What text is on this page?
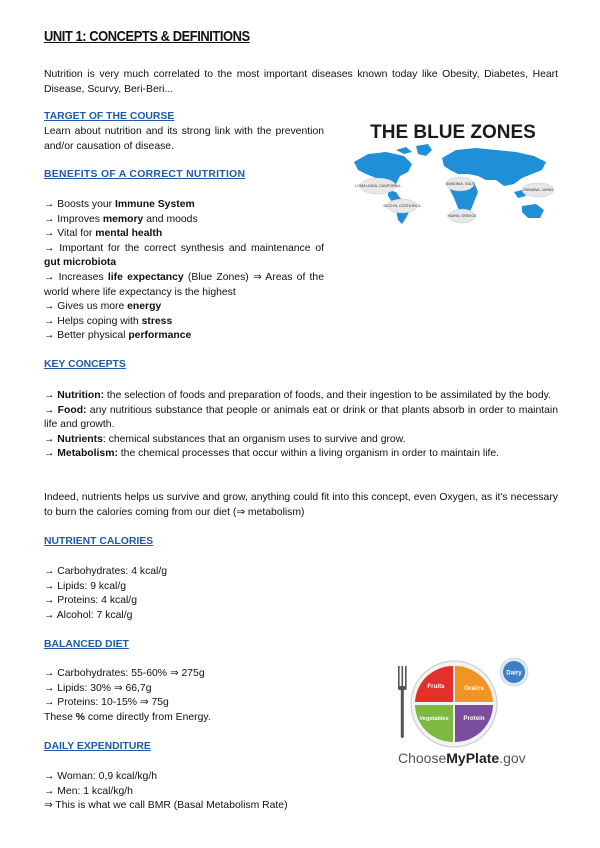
UNIT 1: CONCEPTS & DEFINITIONS
Nutrition is very much correlated to the most important diseases known today like Obesity, Diabetes, Heart Disease, Scurvy, Beri-Beri...
TARGET OF THE COURSE
Learn about nutrition and its strong link with the prevention and/or causation of disease.
BENEFITS OF A CORRECT NUTRITION
→ Boosts your Immune System
→ Improves memory and moods
→ Vital for mental health
→ Important for the correct synthesis and maintenance of gut microbiota
→ Increases life expectancy (Blue Zones) ⇒ Areas of the world where life expectancy is the highest
→ Gives us more energy
→ Helps coping with stress
→ Better physical performance
THE BLUE ZONES
LOMA LINDA, CALIFORNIA
NICOYA, COSTA RICA
SARDINIA, ITALY
IKARIA, GREECE
OKINAWA, JAPAN
KEY CONCEPTS
→ Nutrition: the selection of foods and preparation of foods, and their ingestion to be assimilated by the body.
→ Food: any nutritious substance that people or animals eat or drink or that plants absorb in order to maintain life and growth.
→ Nutrients: chemical substances that an organism uses to survive and grow.
→ Metabolism: the chemical processes that occur within a living organism in order to maintain life.
Indeed, nutrients helps us survive and grow, anything could fit into this concept, even Oxygen, as it's necessary to burn the calories coming from our diet (⇒ metabolism)
NUTRIENT CALORIES
→ Carbohydrates: 4 kcal/g
→ Lipids: 9 kcal/g
→ Proteins: 4 kcal/g
→ Alcohol: 7 kcal/g
BALANCED DIET
→ Carbohydrates: 55-60% ⇒ 275g
→ Lipids: 30% ⇒ 66,7g
→ Proteins: 10-15% ⇒ 75g
These % come directly from Energy.
Fruits	Grains
Vegetables Protein
Dairy
ChooseMyPlate.gov
DAILY EXPENDITURE
→ Woman: 0,9 kcal/kg/h
→ Men: 1 kcal/kg/h
⇒ This is what we call BMR (Basal Metabolism Rate)
